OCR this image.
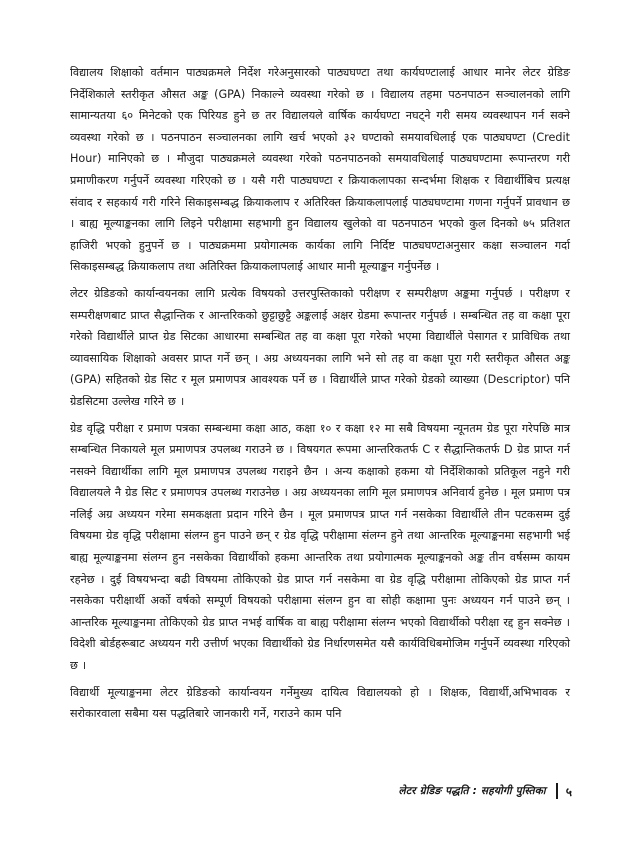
विद्यालय शिक्षाको वर्तमान पाठ्यक्रमले निर्देश गरेअनुसारको पाठ्यघण्टा तथा कार्यघण्टालाई आधार मानेर लेटर ग्रेडिङ निर्देशिकाले स्तरीकृत औसत अङ्क (GPA) निकाल्ने व्यवस्था गरेको छ । विद्यालय तहमा पठनपाठन सञ्चालनको लागि सामान्यतया ६० मिनेटको एक पिरियड हुने छ तर विद्यालयले वार्षिक कार्यघण्टा नघट्ने गरी समय व्यवस्थापन गर्न सक्ने व्यवस्था गरेको छ । पठनपाठन सञ्चालनका लागि खर्च भएको ३२ घण्टाको समयावधिलाई एक पाठ्यघण्टा (Credit Hour) मानिएको छ । मौजुदा पाठ्यक्रमले व्यवस्था गरेको पठनपाठनको समयावधिलाई पाठ्यघण्टामा रूपान्तरण गरी प्रमाणीकरण गर्नुपर्ने व्यवस्था गरिएको छ । यसै गरी पाठ्यघण्टा र क्रियाकलापका सन्दर्भमा शिक्षक र विद्यार्थीबिच प्रत्यक्ष संवाद र सहकार्य गरी गरिने सिकाइसम्बद्ध क्रियाकलाप र अतिरिक्त क्रियाकलापलाई पाठ्यघण्टामा गणना गर्नुपर्ने प्रावधान छ । बाह्य मूल्याङ्कनका लागि लिइने परीक्षामा सहभागी हुन विद्यालय खुलेको वा पठनपाठन भएको कुल दिनको ७५ प्रतिशत हाजिरी भएको हुनुपर्ने छ । पाठ्यक्रममा प्रयोगात्मक कार्यका लागि निर्दिष्ट पाठ्यघण्टाअनुसार कक्षा सञ्चालन गर्दा सिकाइसम्बद्ध क्रियाकलाप तथा अतिरिक्त क्रियाकलापलाई आधार मानी मूल्याङ्कन गर्नुपर्नेछ ।

लेटर ग्रेडिङको कार्यान्वयनका लागि प्रत्येक विषयको उत्तरपुस्तिकाको परीक्षण र सम्परीक्षण अङ्कमा गर्नुपर्छ । परीक्षण र सम्परीक्षणबाट प्राप्त सैद्धान्तिक र आन्तरिकको छुट्टाछुट्टै अङ्कलाई अक्षर ग्रेडमा रूपान्तर गर्नुपर्छ । सम्बन्धित तह वा कक्षा पूरा गरेको विद्यार्थीले प्राप्त ग्रेड सिटका आधारमा सम्बन्धित तह वा कक्षा पूरा गरेको भएमा विद्यार्थीले पेसागत र प्राविधिक तथा व्यावसायिक शिक्षाको अवसर प्राप्त गर्ने छन् । अग्र अध्ययनका लागि भने सो तह वा कक्षा पूरा गरी स्तरीकृत औसत अङ्क (GPA) सहितको ग्रेड सिट र मूल प्रमाणपत्र आवश्यक पर्ने छ । विद्यार्थीले प्राप्त गरेको ग्रेडको व्याख्या (Descriptor) पनि ग्रेडसिटमा उल्लेख गरिने छ ।

ग्रेड वृद्धि परीक्षा र प्रमाण पत्रका सम्बन्धमा कक्षा आठ, कक्षा १० र कक्षा १२ मा सबै विषयमा न्यूनतम ग्रेड पूरा गरेपछि मात्र सम्बन्धित निकायले मूल प्रमाणपत्र उपलब्ध गराउने छ । विषयगत रूपमा आन्तरिकतर्फ C र सैद्धान्तिकतर्फ D ग्रेड प्राप्त गर्न नसक्ने विद्यार्थीका लागि मूल प्रमाणपत्र उपलब्ध गराइने छैन । अन्य कक्षाको हकमा यो निर्देशिकाको प्रतिकूल नहुने गरी विद्यालयले नै ग्रेड सिट र प्रमाणपत्र उपलब्ध गराउनेछ । अग्र अध्ययनका लागि मूल प्रमाणपत्र अनिवार्य हुनेछ । मूल प्रमाण पत्र नलिई अग्र अध्ययन गरेमा समकक्षता प्रदान गरिने छैन । मूल प्रमाणपत्र प्राप्त गर्न नसकेका विद्यार्थीले तीन पटकसम्म दुई विषयमा ग्रेड वृद्धि परीक्षामा संलग्न हुन पाउने छन् र ग्रेड वृद्धि परीक्षामा संलग्न हुने तथा आन्तरिक मूल्याङ्कनमा सहभागी भई बाह्य मूल्याङ्कनमा संलग्न हुन नसकेका विद्यार्थीको हकमा आन्तरिक तथा प्रयोगात्मक मूल्याङ्कनको अङ्क तीन वर्षसम्म कायम रहनेछ । दुई विषयभन्दा बढी विषयमा तोकिएको ग्रेड प्राप्त गर्न नसकेमा वा ग्रेड वृद्धि परीक्षामा तोकिएको ग्रेड प्राप्त गर्न नसकेका परीक्षार्थी अर्को वर्षको सम्पूर्ण विषयको परीक्षामा संलग्न हुन वा सोही कक्षामा पुनः अध्ययन गर्न पाउने छन् । आन्तरिक मूल्याङ्कनमा तोकिएको ग्रेड प्राप्त नभई वार्षिक वा बाह्य परीक्षामा संलग्न भएको विद्यार्थीको परीक्षा रद्द हुन सक्नेछ । विदेशी बोर्डहरूबाट अध्ययन गरी उत्तीर्ण भएका विद्यार्थीको ग्रेड निर्धारणसमेत यसै कार्यविधिबमोजिम गर्नुपर्ने व्यवस्था गरिएको छ ।

विद्यार्थी मूल्याङ्कनमा लेटर ग्रेडिङको कार्यान्वयन गर्नेमुख्य दायित्व विद्यालयको हो । शिक्षक, विद्यार्थी,अभिभावक र सरोकारवाला सबैमा यस पद्धतिबारे जानकारी गर्ने, गराउने काम पनि

लेटर ग्रेडिङ पद्धति : सहयोगी पुस्तिका ५
